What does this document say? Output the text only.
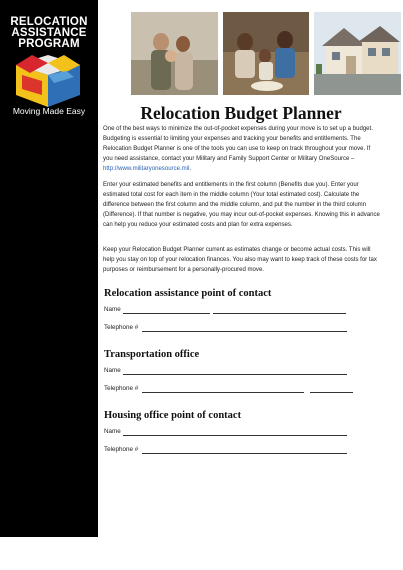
RELOCATION
ASSISTANCE
PROGRAM
Moving Made Easy	Relocation Budget Planner

One of the best ways to minimize the out-of-pocket expenses during your move is to set up a budget. Budgeting is essential to limiting your expenses and tracking your benefits and entitlements. The Relocation Budget Planner is one of the tools you can use to keep on track throughout your move. If you need assistance, contact your Military and Family Support Center or Military OneSource – http://www.militaryonesource.mil.

Enter your estimated benefits and entitlements in the first column (Benefits due you). Enter your estimated total cost for each item in the middle column (Your total estimated cost). Calculate the difference between the first column and the middle column, and put the number in the third column (Difference). If that number is negative, you may incur out-of-pocket expenses. Knowing this in advance can help you reduce your estimated costs and plan for extra expenses.

Keep your Relocation Budget Planner current as estimates change or become actual costs. This will help you stay on top of your relocation finances. You also may want to keep track of these costs for tax purposes or reimbursement for a personally-procured move.

Relocation assistance point of contact
Name
Telephone #
Transportation office
Name
Telephone #
Housing office point of contact
Name
Telephone #
